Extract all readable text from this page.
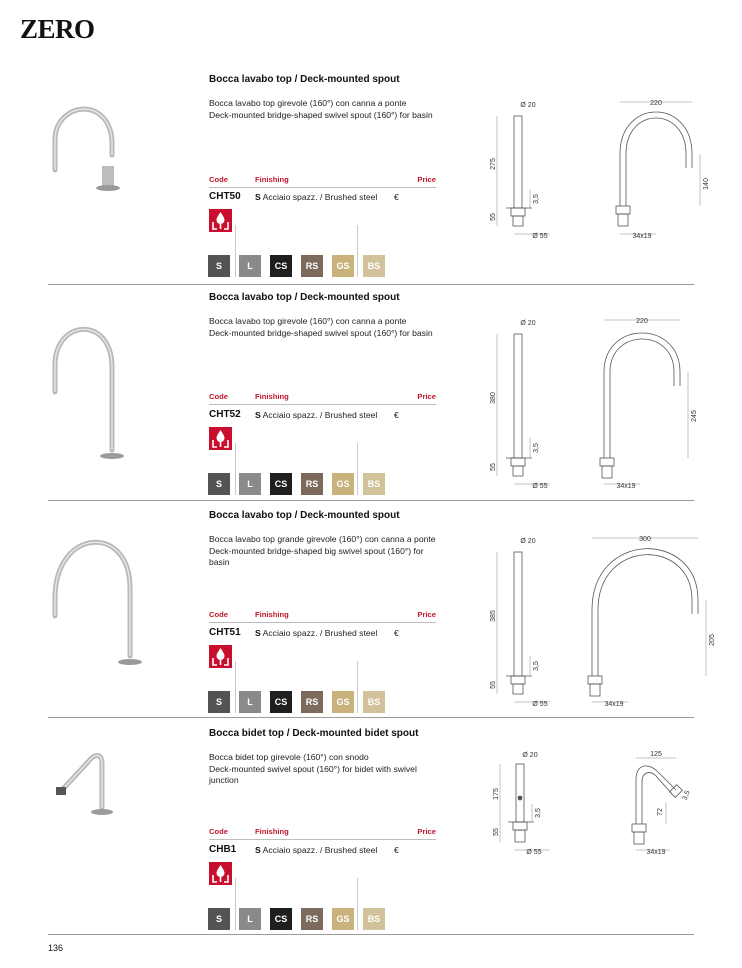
ZERO
Bocca lavabo top / Deck-mounted spout

Bocca lavabo top girevole (160°) con canna a ponte

Deck-mounted bridge-shaped swivel spout (160°) for basin

Code	Finishing	Price
CHT50 S Acciaio spazz. / Brushed steel €
S	L	CS	RS	GS	BS
Ø 20
275
55
3,5
Ø 55
220
140
34x19
Bocca lavabo top / Deck-mounted spout

Bocca lavabo top girevole (160°) con canna a ponte

Deck-mounted bridge-shaped swivel spout (160°) for basin

Code	Finishing	Price
CHT52 S Acciaio spazz. / Brushed steel €
S	L	CS	RS	GS	BS
Ø 20
380
55
3,5
Ø 55
220
245
34x19
Bocca lavabo top / Deck-mounted spout

Bocca lavabo top grande girevole (160°) con canna a ponte

Deck-mounted bridge-shaped big swivel spout (160°) for basin

Code	Finishing	Price
CHT51 S Acciaio spazz. / Brushed steel €
S	L	CS	RS	GS	BS
Ø 20
385
55
3,5
Ø 55
300
205
34x19
Bocca bidet top / Deck-mounted bidet spout

Bocca bidet top girevole (160°) con snodo

Deck-mounted swivel spout (160°) for bidet with swivel junction

Code	Finishing	Price
CHB1 S Acciaio spazz. / Brushed steel €
S	L	CS	RS	GS	BS
Ø 20
175
55
3,5
Ø 55
125
72
3,5
34x19
136
